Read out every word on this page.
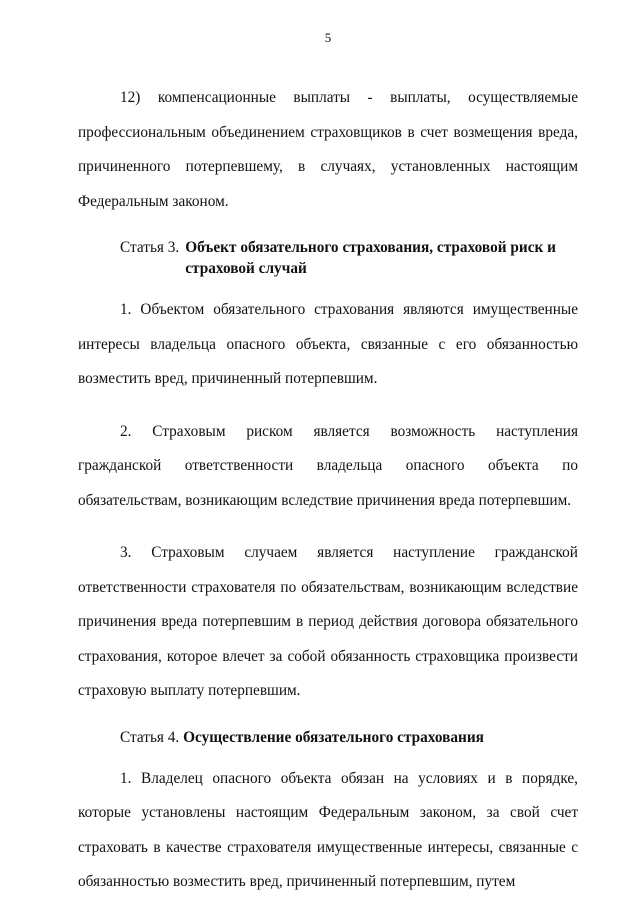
5

12) компенсационные выплаты - выплаты, осуществляемые профессиональным объединением страховщиков в счет возмещения вреда, причиненного потерпевшему, в случаях, установленных настоящим Федеральным законом.

Статья 3. Объект обязательного страхования, страховой риск и страховой случай

1. Объектом обязательного страхования являются имущественные интересы владельца опасного объекта, связанные с его обязанностью возместить вред, причиненный потерпевшим.

2. Страховым риском является возможность наступления гражданской ответственности владельца опасного объекта по обязательствам, возникающим вследствие причинения вреда потерпевшим.

3. Страховым случаем является наступление гражданской ответственности страхователя по обязательствам, возникающим вследствие причинения вреда потерпевшим в период действия договора обязательного страхования, которое влечет за собой обязанность страховщика произвести страховую выплату потерпевшим.

Статья 4. Осуществление обязательного страхования

1. Владелец опасного объекта обязан на условиях и в порядке, которые установлены настоящим Федеральным законом, за свой счет страховать в качестве страхователя имущественные интересы, связанные с обязанностью возместить вред, причиненный потерпевшим, путем
